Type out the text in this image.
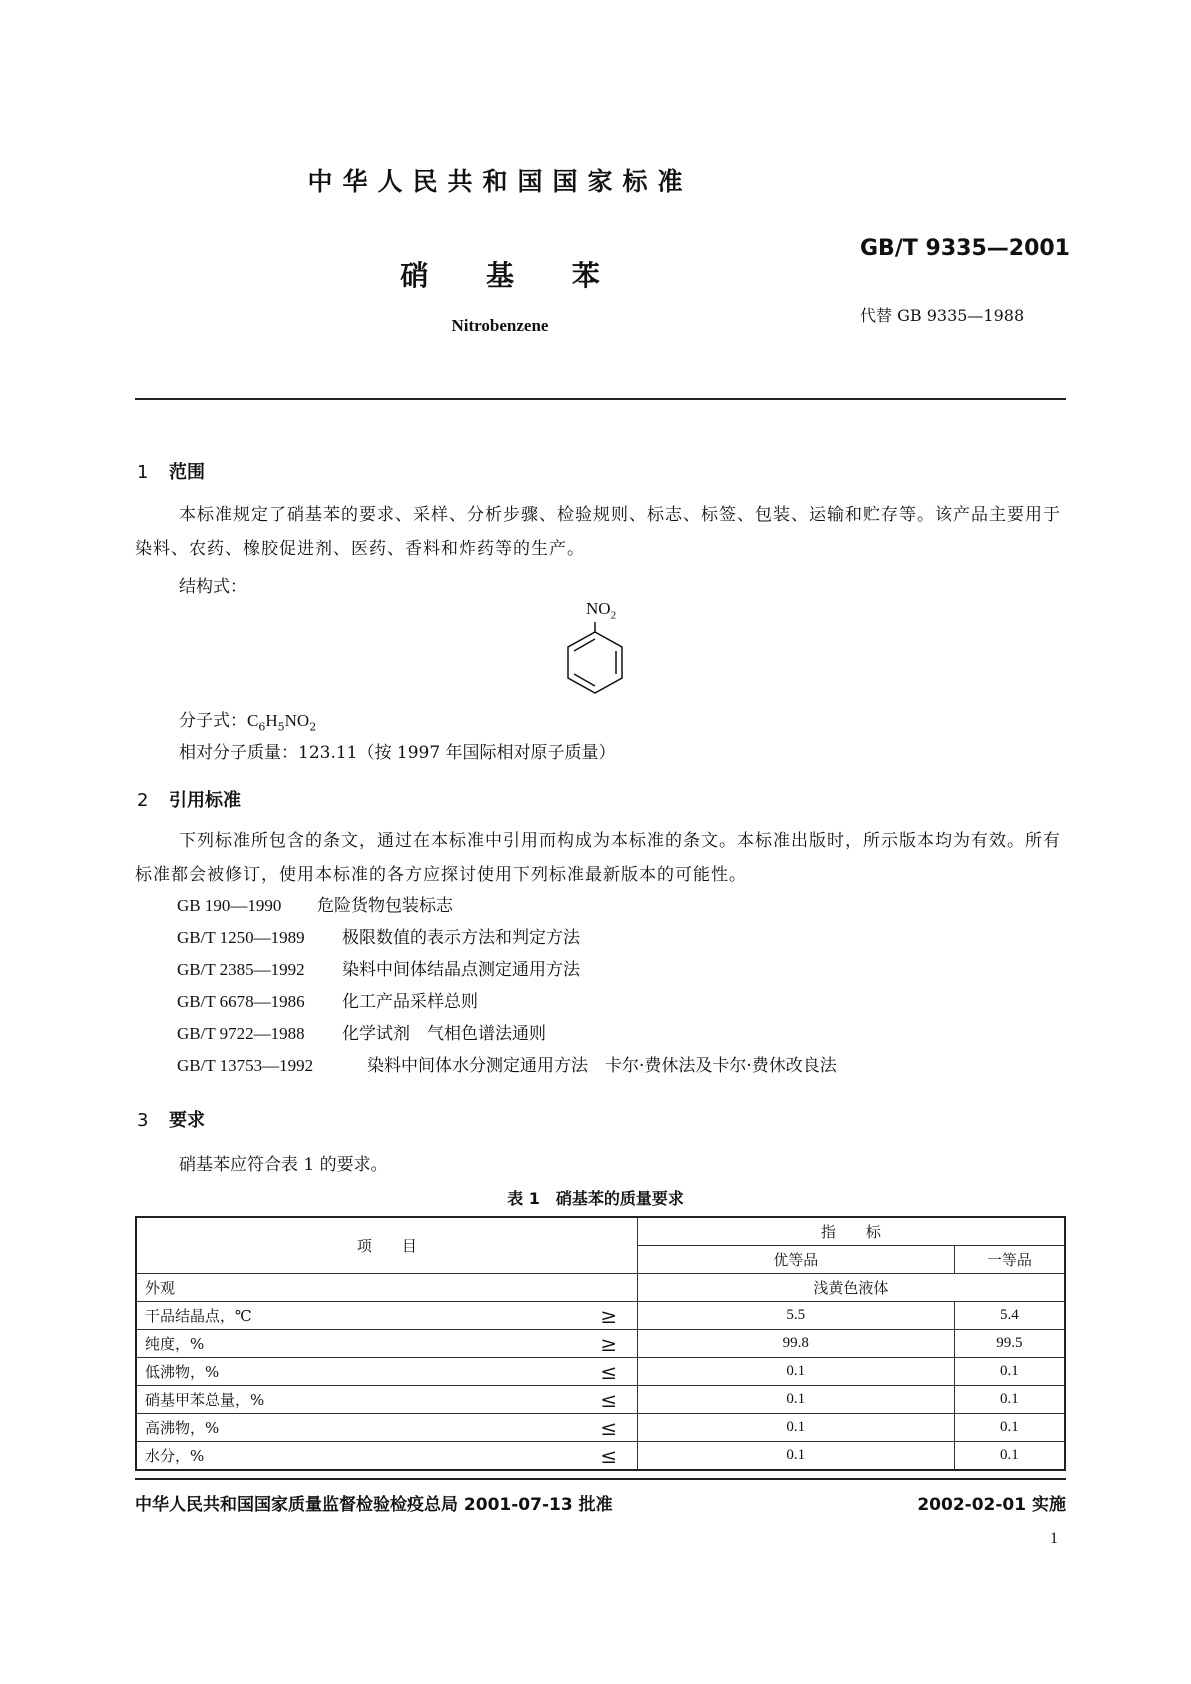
中华人民共和国国家标准
GB/T 9335—2001
硝 基 苯
代替 GB 9335—1988
Nitrobenzene
1 范围
本标准规定了硝基苯的要求、采样、分析步骤、检验规则、标志、标签、包装、运输和贮存等。该产品主要用于染料、农药、橡胶促进剂、医药、香料和炸药等的生产。
结构式：
$NO_2$
分子式：$C_6H_5NO_2$
相对分子质量：123.11（按 1997 年国际相对原子质量）
2 引用标准
下列标准所包含的条文，通过在本标准中引用而构成为本标准的条文。本标准出版时，所示版本均为有效。所有标准都会被修订，使用本标准的各方应探讨使用下列标准最新版本的可能性。
GB 190—1990 危险货物包装标志
GB/T 1250—1989 极限数值的表示方法和判定方法
GB/T 2385—1992 染料中间体结晶点测定通用方法
GB/T 6678—1986 化工产品采样总则
GB/T 9722—1988 化学试剂　气相色谱法通则
GB/T 13753—1992	染料中间体水分测定通用方法　卡尔·费休法及卡尔·费休改良法
3 要求
硝基苯应符合表 1 的要求。
表 1　硝基苯的质量要求
项　　目		指　　标	
		优等品	一等品
外观		浅黄色液体	
干品结晶点，℃	≥	5.5	5.4
纯度，%	≥	99.8	99.5
低沸物，%	≤	0.1	0.1
硝基甲苯总量，%	≤	0.1	0.1
高沸物，%	≤	0.1	0.1
水分，%	≤	0.1	0.1
中华人民共和国国家质量监督检验检疫总局 2001-07-13 批准	2002-02-01 实施
1
